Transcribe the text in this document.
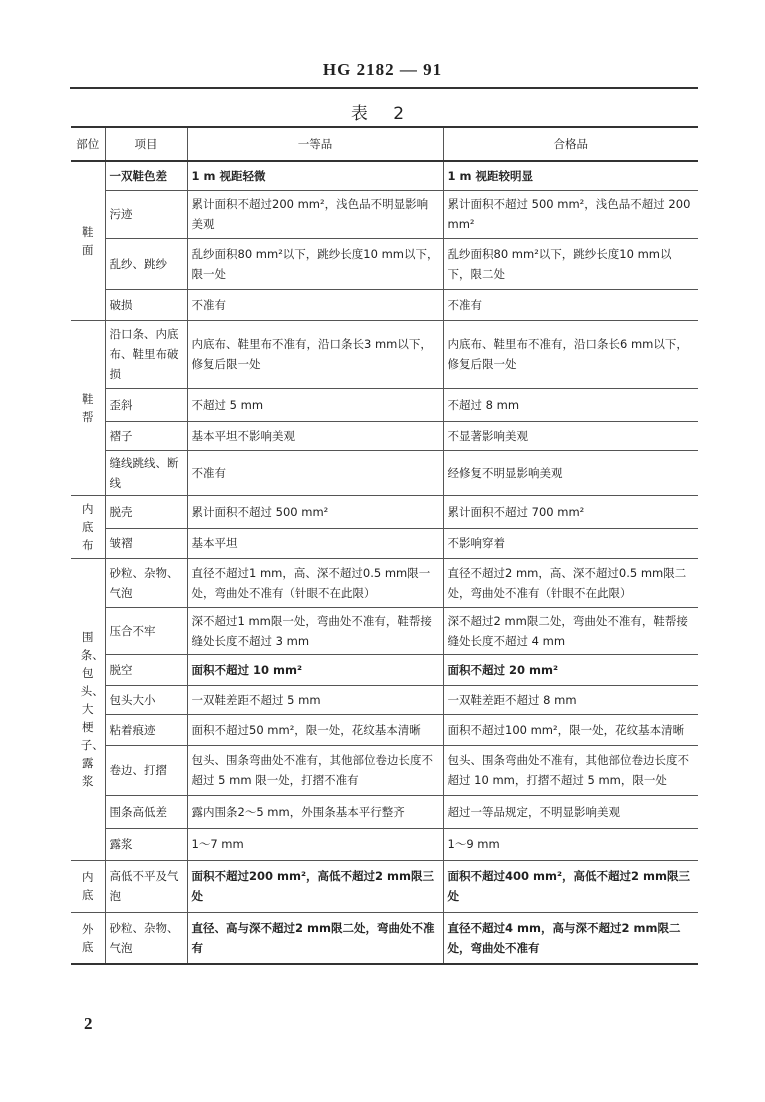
HG 2182 — 91
表 2
部位	项目	一等品	合格品
鞋面	一双鞋色差	1 m 视距轻微	1 m 视距较明显
	污迹	累计面积不超过200 mm²，浅色品不明显影响美观	累计面积不超过 500 mm²，浅色品不超过 200 mm²
	乱纱、跳纱	乱纱面积80 mm²以下，跳纱长度10 mm以下，限一处	乱纱面积80 mm²以下，跳纱长度10 mm以下，限二处
	破损	不准有	不准有
鞋帮	沿口条、内底布、鞋里布破损	内底布、鞋里布不准有，沿口条长3 mm以下，修复后限一处	内底布、鞋里布不准有，沿口条长6 mm以下，修复后限一处
	歪斜	不超过 5 mm	不超过 8 mm
	褶子	基本平坦不影响美观	不显著影响美观
	缝线跳线、断线	不准有	经修复不明显影响美观
内底布	脱壳	累计面积不超过 500 mm²	累计面积不超过 700 mm²
	皱褶	基本平坦	不影响穿着
围条、包头、大梗子、露浆	砂粒、杂物、气泡	直径不超过1 mm，高、深不超过0.5 mm限一处，弯曲处不准有（针眼不在此限）	直径不超过2 mm，高、深不超过0.5 mm限二处，弯曲处不准有（针眼不在此限）
	压合不牢	深不超过1 mm限一处，弯曲处不准有，鞋帮接缝处长度不超过 3 mm	深不超过2 mm限二处，弯曲处不准有，鞋帮接缝处长度不超过 4 mm
	脱空	面积不超过 10 mm²	面积不超过 20 mm²
	包头大小	一双鞋差距不超过 5 mm	一双鞋差距不超过 8 mm
	粘着痕迹	面积不超过50 mm²，限一处，花纹基本清晰	面积不超过100 mm²，限一处，花纹基本清晰
	卷边、打摺	包头、围条弯曲处不准有，其他部位卷边长度不超过 5 mm 限一处，打摺不准有	包头、围条弯曲处不准有，其他部位卷边长度不超过 10 mm，打摺不超过 5 mm，限一处
	围条高低差	露内围条2～5 mm，外围条基本平行整齐	超过一等品规定，不明显影响美观
	露浆	1～7 mm	1～9 mm
内底	高低不平及气泡	面积不超过200 mm²，高低不超过2 mm限三处	面积不超过400 mm²，高低不超过2 mm限三处
外底	砂粒、杂物、气泡	直径、高与深不超过2 mm限二处，弯曲处不准有	直径不超过4 mm，高与深不超过2 mm限二处，弯曲处不准有
2
